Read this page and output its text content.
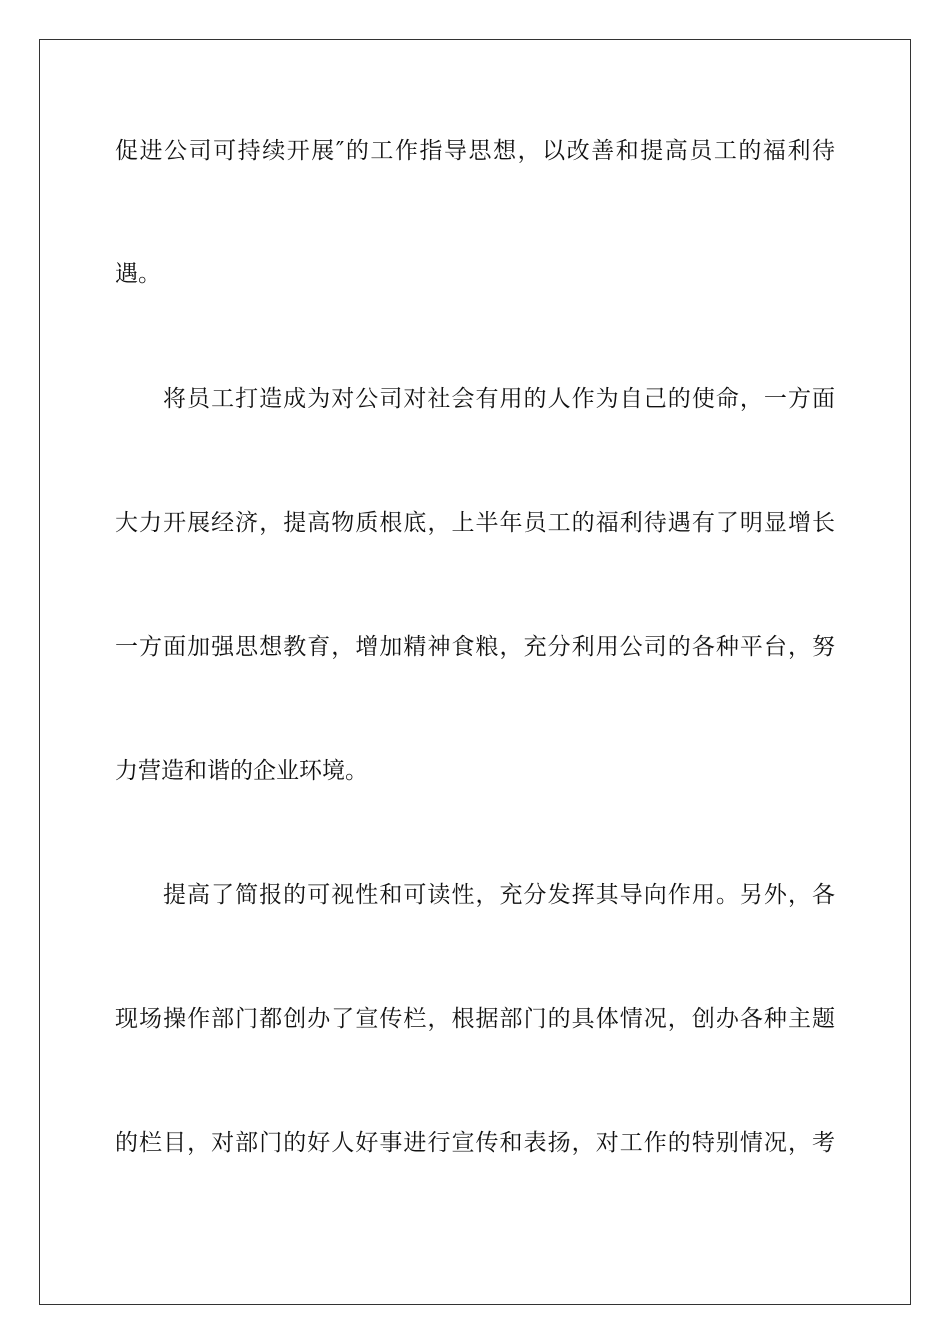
促进公司可持续开展″的工作指导思想，以改善和提高员工的福利待
遇。
将员工打造成为对公司对社会有用的人作为自己的使命，一方面
大力开展经济，提高物质根底，上半年员工的福利待遇有了明显增长
一方面加强思想教育，增加精神食粮，充分利用公司的各种平台，努
力营造和谐的企业环境。
提高了简报的可视性和可读性，充分发挥其导向作用。另外，各
现场操作部门都创办了宣传栏，根据部门的具体情况，创办各种主题
的栏目，对部门的好人好事进行宣传和表扬，对工作的特别情况，考
